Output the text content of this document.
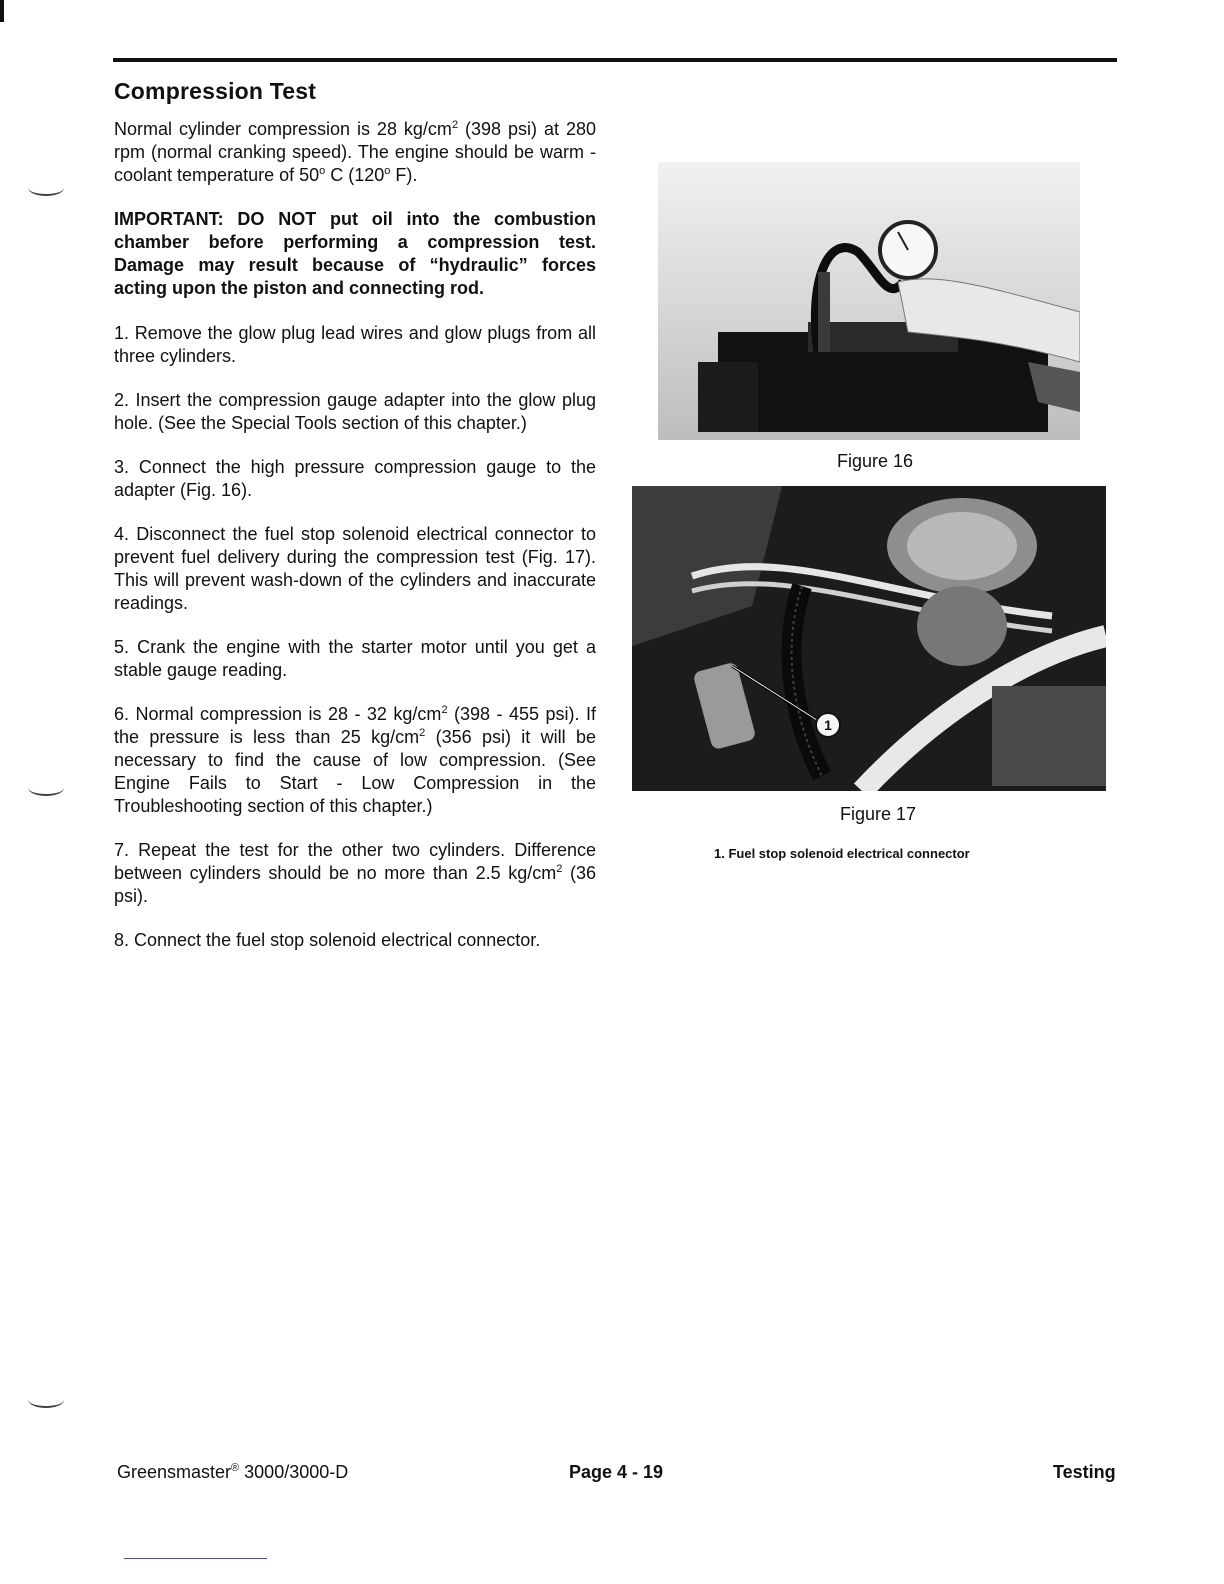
Compression Test

Normal cylinder compression is 28 $kg/cm^2$ (398 psi) at 280 rpm (normal cranking speed). The engine should be warm - coolant temperature of 50$^o$ C (120$^o$ F).

IMPORTANT: DO NOT put oil into the combustion chamber before performing a compression test. Damage may result because of “hydraulic” forces acting upon the piston and connecting rod.

1. Remove the glow plug lead wires and glow plugs from all three cylinders.

2. Insert the compression gauge adapter into the glow plug hole. (See the Special Tools section of this chapter.)

3. Connect the high pressure compression gauge to the adapter (Fig. 16).

4. Disconnect the fuel stop solenoid electrical connector to prevent fuel delivery during the compression test (Fig. 17). This will prevent wash-down of the cylinders and inaccurate readings.

5. Crank the engine with the starter motor until you get a stable gauge reading.

6. Normal compression is 28 - 32 $kg/cm^2$ (398 - 455 psi). If the pressure is less than 25 $kg/cm^2$ (356 psi) it will be necessary to find the cause of low compression. (See Engine Fails to Start - Low Compression in the Troubleshooting section of this chapter.)

7. Repeat the test for the other two cylinders. Difference between cylinders should be no more than 2.5 $kg/cm^2$ (36 psi).

8. Connect the fuel stop solenoid electrical connector.

Figure 16
1
Figure 17
1. Fuel stop solenoid electrical connector
Greensmaster® 3000/3000-D	Page 4 - 19	Testing
